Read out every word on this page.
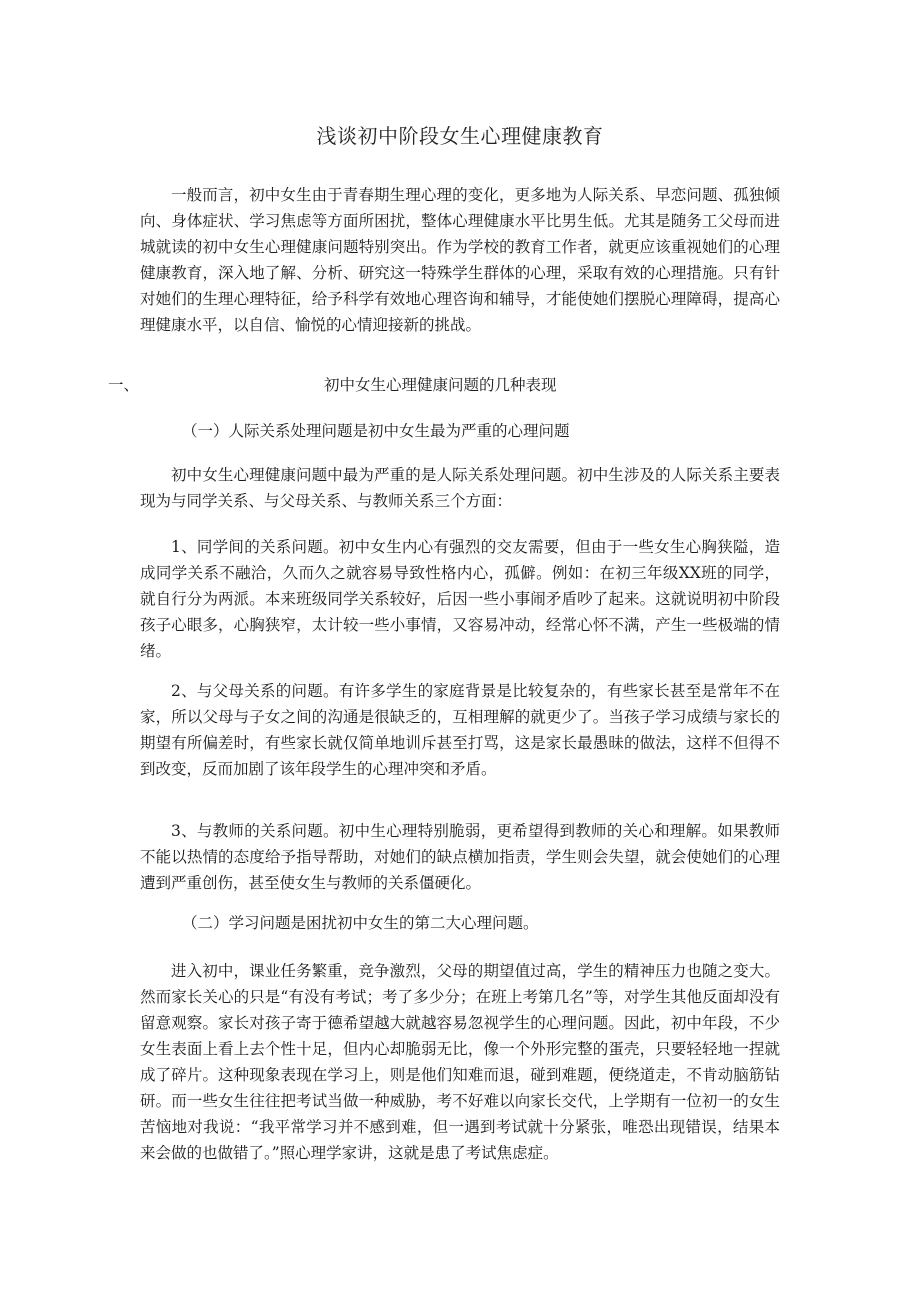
浅谈初中阶段女生心理健康教育

一般而言，初中女生由于青春期生理心理的变化，更多地为人际关系、早恋问题、孤独倾向、身体症状、学习焦虑等方面所困扰，整体心理健康水平比男生低。尤其是随务工父母而进城就读的初中女生心理健康问题特别突出。作为学校的教育工作者，就更应该重视她们的心理健康教育，深入地了解、分析、研究这一特殊学生群体的心理，采取有效的心理措施。只有针对她们的生理心理特征，给予科学有效地心理咨询和辅导，才能使她们摆脱心理障碍，提高心理健康水平，以自信、愉悦的心情迎接新的挑战。

一、	初中女生心理健康问题的几种表现

（一）人际关系处理问题是初中女生最为严重的心理问题

初中女生心理健康问题中最为严重的是人际关系处理问题。初中生涉及的人际关系主要表现为与同学关系、与父母关系、与教师关系三个方面：

1、同学间的关系问题。初中女生内心有强烈的交友需要，但由于一些女生心胸狭隘，造成同学关系不融洽，久而久之就容易导致性格内心，孤僻。例如：在初三年级XX班的同学，就自行分为两派。本来班级同学关系较好，后因一些小事闹矛盾吵了起来。这就说明初中阶段孩子心眼多，心胸狭窄，太计较一些小事情，又容易冲动，经常心怀不满，产生一些极端的情绪。

2、与父母关系的问题。有许多学生的家庭背景是比较复杂的，有些家长甚至是常年不在家，所以父母与子女之间的沟通是很缺乏的，互相理解的就更少了。当孩子学习成绩与家长的期望有所偏差时，有些家长就仅简单地训斥甚至打骂，这是家长最愚昧的做法，这样不但得不到改变，反而加剧了该年段学生的心理冲突和矛盾。

3、与教师的关系问题。初中生心理特别脆弱，更希望得到教师的关心和理解。如果教师不能以热情的态度给予指导帮助，对她们的缺点横加指责，学生则会失望，就会使她们的心理遭到严重创伤，甚至使女生与教师的关系僵硬化。

（二）学习问题是困扰初中女生的第二大心理问题。

进入初中，课业任务繁重，竞争激烈，父母的期望值过高，学生的精神压力也随之变大。然而家长关心的只是“有没有考试；考了多少分；在班上考第几名”等，对学生其他反面却没有留意观察。家长对孩子寄于德希望越大就越容易忽视学生的心理问题。因此，初中年段，不少女生表面上看上去个性十足，但内心却脆弱无比，像一个外形完整的蛋壳，只要轻轻地一捏就成了碎片。这种现象表现在学习上，则是他们知难而退，碰到难题，便绕道走，不肯动脑筋钻研。而一些女生往往把考试当做一种威胁，考不好难以向家长交代，上学期有一位初一的女生苦恼地对我说：“我平常学习并不感到难，但一遇到考试就十分紧张，唯恐出现错误，结果本来会做的也做错了。”照心理学家讲，这就是患了考试焦虑症。
